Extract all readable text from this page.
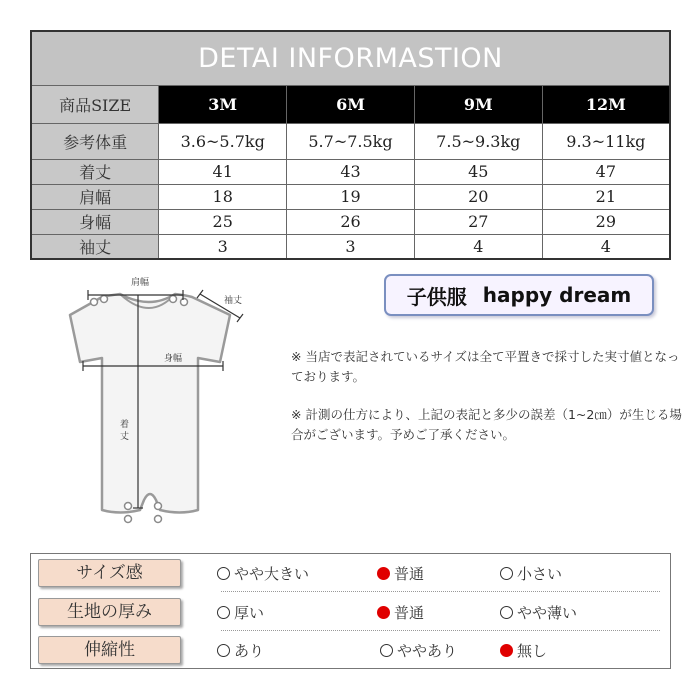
DETAI INFORMASTION				
商品SIZE	3M	6M	9M	12M
参考体重	3.6~5.7kg	5.7~7.5kg	7.5~9.3kg	9.3~11kg
着丈	41	43	45	47
肩幅	18	19	20	21
身幅	25	26	27	29
袖丈	3	3	4	4
肩幅
袖丈
身幅
着
丈
子供服 happy dream

※ 当店で表記されているサイズは全て平置きで採寸した実寸値となっております。

※ 計測の仕方により、上記の表記と多少の誤差（1~2㎝）が生じる場合がございます。予めご了承ください。

サイズ感	やや大きい	普通	小さい
生地の厚み	厚い	普通	やや薄い
伸縮性	あり	ややあり	無し
